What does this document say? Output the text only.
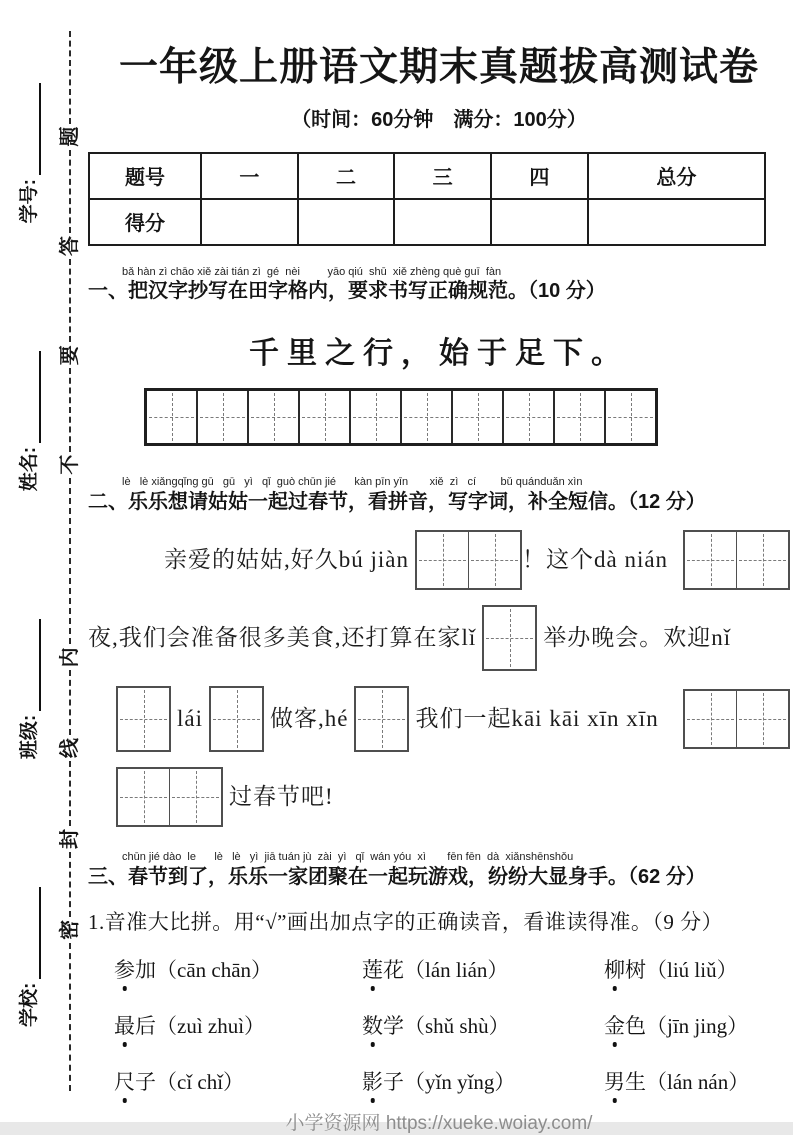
学校:
班级:
姓名:
学号:
密
封
线
内
不
要
答
题
一年级上册语文期末真题拔高测试卷
（时间：60分钟　满分：100分）
题号	一	二	三	四	总分
得分					
bǎ hàn zì chāo xiě zài tián zì  gé  nèi         yāo qiú  shū  xiě zhèng què guī  fàn
一、把汉字抄写在田字格内，要求书写正确规范。（10 分）
千里之行，始于足下。
lè   lè xiǎngqǐng gū   gū   yì   qǐ  guò chūn jié      kàn pīn yīn       xiě  zì   cí        bǔ quánduǎn xìn
二、乐乐想请姑姑一起过春节，看拼音，写字词，补全短信。（12 分）
亲爱的姑姑,好久bú jiàn	！这个dà nián
夜,我们会准备很多美食,还打算在家lǐ	举办晚会。欢迎nǐ
lái	做客,hé	我们一起kāi kāi xīn xīn
过春节吧!
chūn jié dào  le      lè   lè   yì  jiā tuán jù  zài  yì   qǐ  wán yóu  xì       fēn fēn  dà  xiǎnshēnshǒu
三、春节到了，乐乐一家团聚在一起玩游戏，纷纷大显身手。（62 分）
1.音准大比拼。用“√”画出加点字的正确读音，看谁读得准。（9 分）
参加（cān chān）	莲花（lán lián）	柳树（liú liǔ）
最后（zuì zhuì）	数学（shǔ shù）	金色（jīn jing）
尺子（cǐ chǐ）	影子（yǐn yǐng）	男生（lán nán）
小学资源网 https://xueke.woiay.com/
